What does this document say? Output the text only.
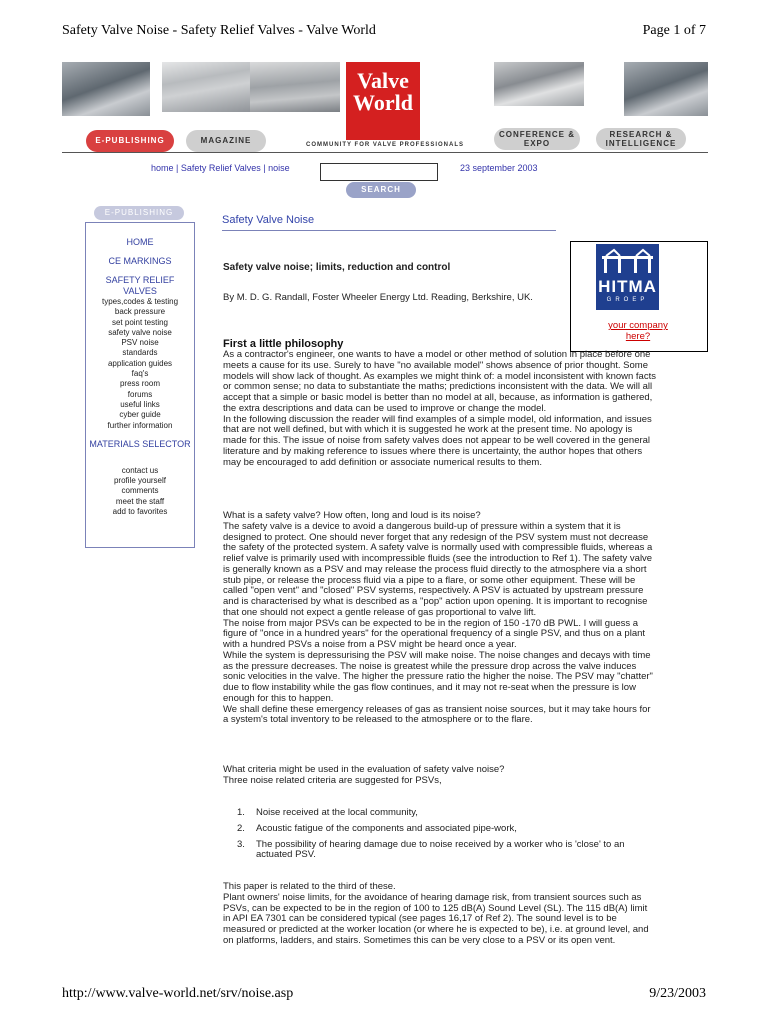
Safety Valve Noise - Safety Relief Valves - Valve World	Page 1 of 7
Valve
World
E-PUBLISHING	MAGAZINE
CONFERENCE &
EXPO
RESEARCH &
INTELLIGENCE
COMMUNITY FOR VALVE PROFESSIONALS
home | Safety Relief Valves | noise	23 september 2003
SEARCH
E-PUBLISHING
HOME
CE MARKINGS
SAFETY RELIEF
VALVES
types,codes & testing
back pressure
set point testing
safety valve noise
PSV noise
standards
application guides
faq's
press room
forums
useful links
cyber guide
further information
MATERIALS SELECTOR
contact us
profile yourself
comments
meet the staff
add to favorites
Safety Valve Noise
HITMA
GROEP
your company
here?
Safety valve noise; limits, reduction and control
By M. D. G. Randall, Foster Wheeler Energy Ltd. Reading, Berkshire, UK.
First a little philosophy

As a contractor's engineer, one wants to have a model or other method of solution in place before one

meets a cause for its use. Surely to have "no available model" shows absence of prior thought. Some

models will show lack of thought. As examples we might think of: a model inconsistent with known facts

or common sense; no data to substantiate the maths; predictions inconsistent with the data. We will all

accept that a simple or basic model is better than no model at all, because, as information is gathered,

the extra descriptions and data can be used to improve or change the model.

In the following discussion the reader will find examples of a simple model, old information, and issues

that are not well defined, but with which it is suggested he work at the present time. No apology is

made for this. The issue of noise from safety valves does not appear to be well covered in the general

literature and by making reference to issues where there is uncertainty, the author hopes that others

may be encouraged to add definition or associate numerical results to them.

What is a safety valve? How often, long and loud is its noise?

The safety valve is a device to avoid a dangerous build-up of pressure within a system that it is

designed to protect. One should never forget that any redesign of the PSV system must not decrease

the safety of the protected system. A safety valve is normally used with compressible fluids, whereas a

relief valve is primarily used with incompressible fluids (see the introduction to Ref 1). The safety valve

is generally known as a PSV and may release the process fluid directly to the atmosphere via a short

stub pipe, or release the process fluid via a pipe to a flare, or some other equipment. These will be

called "open vent" and "closed" PSV systems, respectively. A PSV is actuated by upstream pressure

and is characterised by what is described as a "pop" action upon opening. It is important to recognise

that one should not expect a gentle release of gas proportional to valve lift.

The noise from major PSVs can be expected to be in the region of 150 -170 dB PWL. I will guess a

figure of "once in a hundred years" for the operational frequency of a single PSV, and thus on a plant

with a hundred PSVs a noise from a PSV might be heard once a year.

While the system is depressurising the PSV will make noise. The noise changes and decays with time

as the pressure decreases. The noise is greatest while the pressure drop across the valve induces

sonic velocities in the valve. The higher the pressure ratio the higher the noise. The PSV may "chatter"

due to flow instability while the gas flow continues, and it may not re-seat when the pressure is low

enough for this to happen.

We shall define these emergency releases of gas as transient noise sources, but it may take hours for

a system's total inventory to be released to the atmosphere or to the flare.

What criteria might be used in the evaluation of safety valve noise?

Three noise related criteria are suggested for PSVs,

1. Noise received at the local community,
2. Acoustic fatigue of the components and associated pipe-work,
3. The possibility of hearing damage due to noise received by a worker who is 'close' to an
actuated PSV.

This paper is related to the third of these.

Plant owners' noise limits, for the avoidance of hearing damage risk, from transient sources such as

PSVs, can be expected to be in the region of 100 to 125 dB(A) Sound Level (SL). The 115 dB(A) limit

in API EA 7301 can be considered typical (see pages 16,17 of Ref 2). The sound level is to be

measured or predicted at the worker location (or where he is expected to be), i.e. at ground level, and

on platforms, ladders, and stairs. Sometimes this can be very close to a PSV or its open vent.

http://www.valve-world.net/srv/noise.asp	9/23/2003
